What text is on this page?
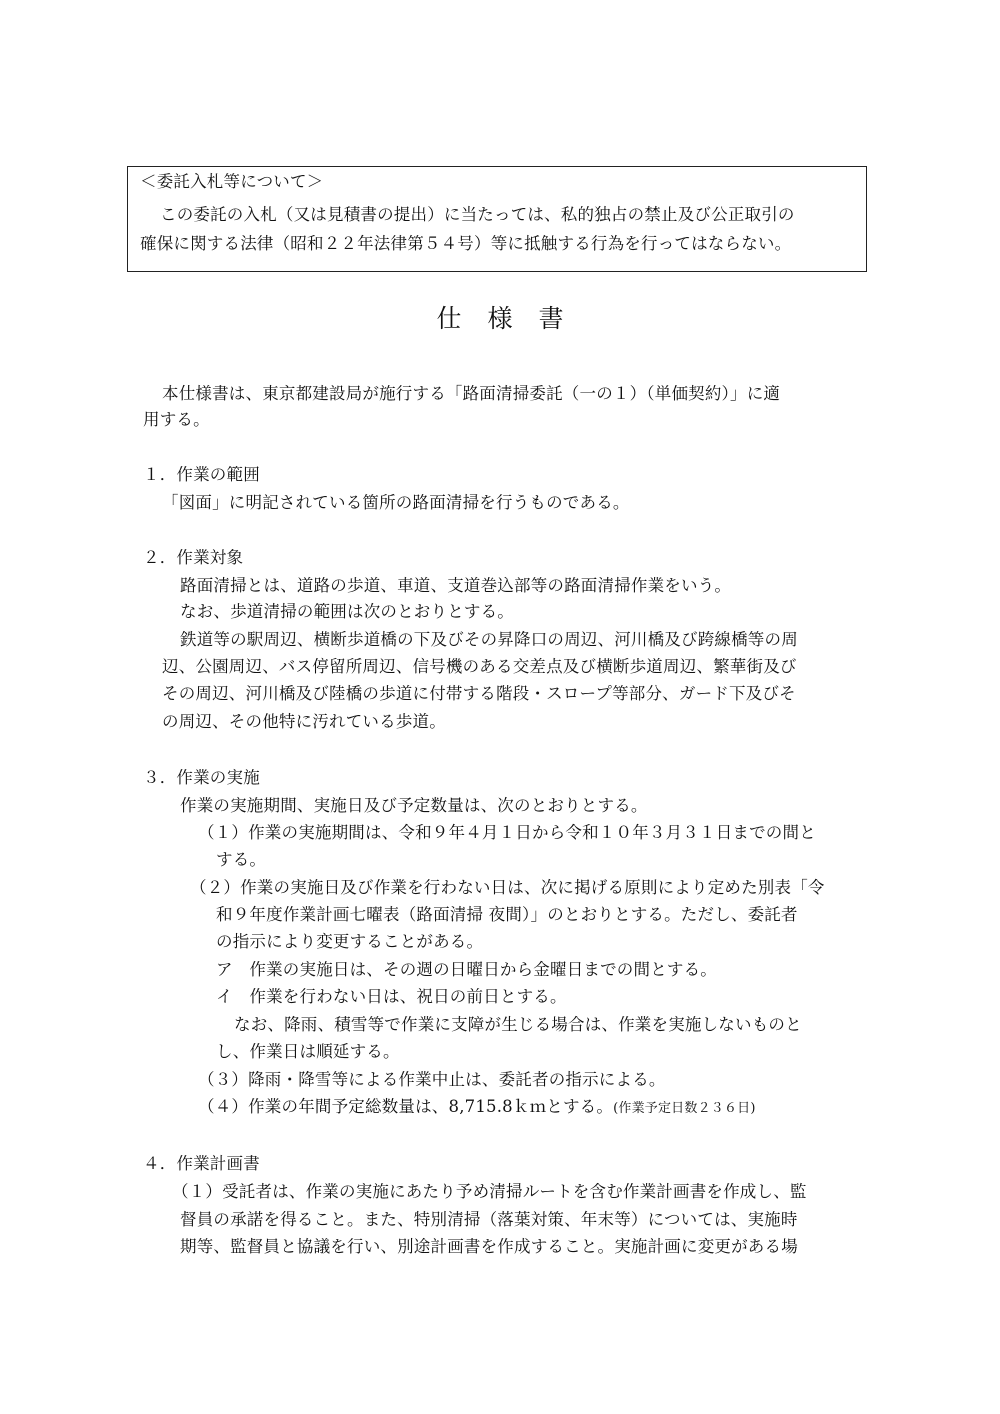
＜委託入札等について＞
この委託の入札（又は見積書の提出）に当たっては、私的独占の禁止及び公正取引の
確保に関する法律（昭和２２年法律第５４号）等に抵触する行為を行ってはならない。
仕様書
本仕様書は、東京都建設局が施行する「路面清掃委託（一の１）（単価契約）」に適
用する。
１．作業の範囲
「図面」に明記されている箇所の路面清掃を行うものである。
２．作業対象
路面清掃とは、道路の歩道、車道、支道巻込部等の路面清掃作業をいう。
なお、歩道清掃の範囲は次のとおりとする。
鉄道等の駅周辺、横断歩道橋の下及びその昇降口の周辺、河川橋及び跨線橋等の周
辺、公園周辺、バス停留所周辺、信号機のある交差点及び横断歩道周辺、繁華街及び
その周辺、河川橋及び陸橋の歩道に付帯する階段・スロープ等部分、ガード下及びそ
の周辺、その他特に汚れている歩道。
３．作業の実施
作業の実施期間、実施日及び予定数量は、次のとおりとする。
（１）作業の実施期間は、令和９年４月１日から令和１０年３月３１日までの間と
する。
（２）作業の実施日及び作業を行わない日は、次に掲げる原則により定めた別表「令
和９年度作業計画七曜表（路面清掃 夜間）」のとおりとする。ただし、委託者
の指示により変更することがある。
ア　作業の実施日は、その週の日曜日から金曜日までの間とする。
イ　作業を行わない日は、祝日の前日とする。
なお、降雨、積雪等で作業に支障が生じる場合は、作業を実施しないものと
し、作業日は順延する。
（３）降雨・降雪等による作業中止は、委託者の指示による。
（４）作業の年間予定総数量は、8,715.8ｋｍとする。(作業予定日数２３６日)
４．作業計画書
（１）受託者は、作業の実施にあたり予め清掃ルートを含む作業計画書を作成し、監
督員の承諾を得ること。また、特別清掃（落葉対策、年末等）については、実施時
期等、監督員と協議を行い、別途計画書を作成すること。実施計画に変更がある場
